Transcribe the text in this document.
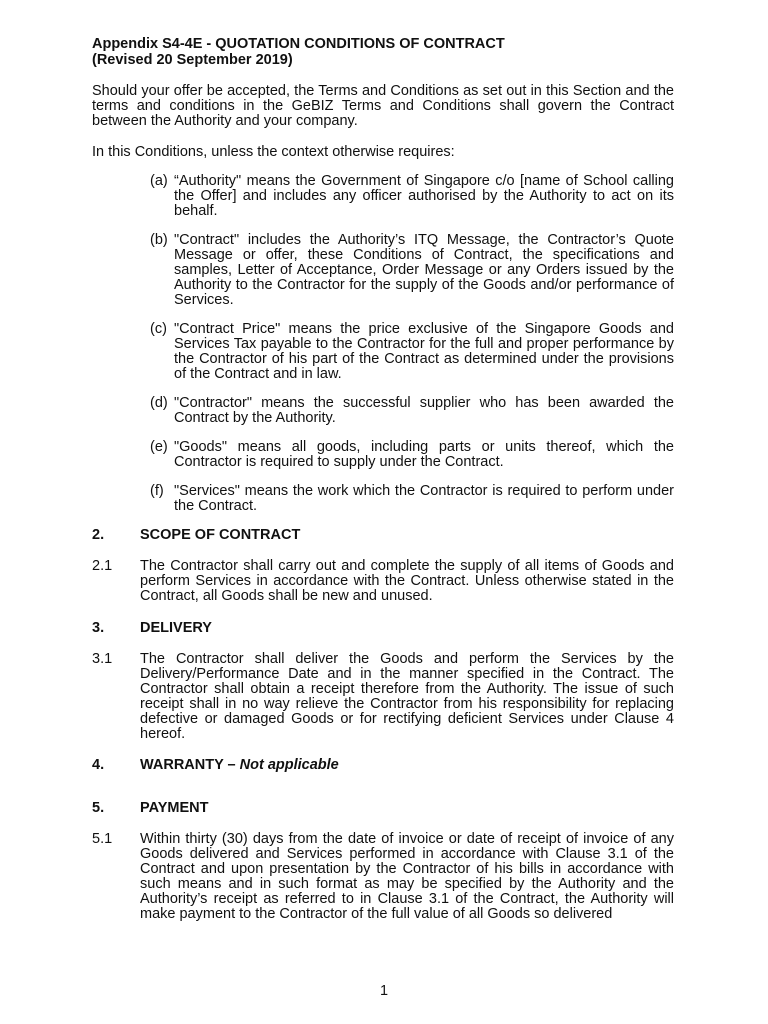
Appendix S4-4E - QUOTATION CONDITIONS OF CONTRACT
(Revised 20 September 2019)
Should your offer be accepted, the Terms and Conditions as set out in this Section and the terms and conditions in the GeBIZ Terms and Conditions shall govern the Contract between the Authority and your company.
In this Conditions, unless the context otherwise requires:
(a) “Authority" means the Government of Singapore c/o [name of School calling the Offer] and includes any officer authorised by the Authority to act on its behalf.
(b) "Contract" includes the Authority’s ITQ Message, the Contractor’s Quote Message or offer, these Conditions of Contract, the specifications and samples, Letter of Acceptance, Order Message or any Orders issued by the Authority to the Contractor for the supply of the Goods and/or performance of Services.
(c) "Contract Price" means the price exclusive of the Singapore Goods and Services Tax payable to the Contractor for the full and proper performance by the Contractor of his part of the Contract as determined under the provisions of the Contract and in law.
(d) "Contractor" means the successful supplier who has been awarded the Contract by the Authority.
(e) "Goods" means all goods, including parts or units thereof, which the Contractor is required to supply under the Contract.
(f) "Services" means the work which the Contractor is required to perform under the Contract.
2.	SCOPE OF CONTRACT
2.1	The Contractor shall carry out and complete the supply of all items of Goods and perform Services in accordance with the Contract. Unless otherwise stated in the Contract, all Goods shall be new and unused.
3.	DELIVERY
3.1	The Contractor shall deliver the Goods and perform the Services by the Delivery/Performance Date and in the manner specified in the Contract. The Contractor shall obtain a receipt therefore from the Authority. The issue of such receipt shall in no way relieve the Contractor from his responsibility for replacing defective or damaged Goods or for rectifying deficient Services under Clause 4 hereof.
4.	WARRANTY – Not applicable
5.	PAYMENT
5.1	Within thirty (30) days from the date of invoice or date of receipt of invoice of any Goods delivered and Services performed in accordance with Clause 3.1 of the Contract and upon presentation by the Contractor of his bills in accordance with such means and in such format as may be specified by the Authority and the Authority’s receipt as referred to in Clause 3.1 of the Contract, the Authority will make payment to the Contractor of the full value of all Goods so delivered
1
